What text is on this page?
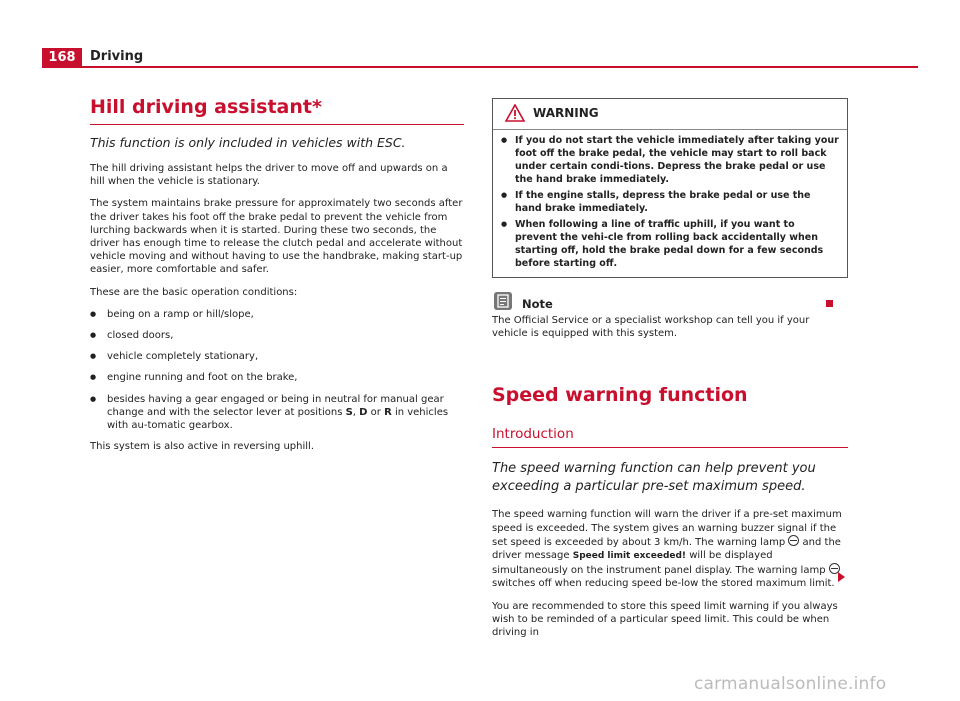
168	Driving
Hill driving assistant*
This function is only included in vehicles with ESC.

The hill driving assistant helps the driver to move off and upwards on a hill when the vehicle is stationary.

The system maintains brake pressure for approximately two seconds after the driver takes his foot off the brake pedal to prevent the vehicle from lurching backwards when it is started. During these two seconds, the driver has enough time to release the clutch pedal and accelerate without vehicle moving and without having to use the handbrake, making start-up easier, more comfortable and safer.

These are the basic operation conditions:

● being on a ramp or hill/slope,
● closed doors,
● vehicle completely stationary,
● engine running and foot on the brake,
● besides having a gear engaged or being in neutral for manual gear change and with the selector lever at positions S, D or R in vehicles with au-tomatic gearbox.

This system is also active in reversing uphill.

WARNING
● If you do not start the vehicle immediately after taking your foot off the brake pedal, the vehicle may start to roll back under certain condi-tions. Depress the brake pedal or use the hand brake immediately.
● If the engine stalls, depress the brake pedal or use the hand brake immediately.
● When following a line of traffic uphill, if you want to prevent the vehi-cle from rolling back accidentally when starting off, hold the brake pedal down for a few seconds before starting off.
Note

The Official Service or a specialist workshop can tell you if your vehicle is equipped with this system.

Speed warning function
Introduction
The speed warning function can help prevent you exceeding a particular pre-set maximum speed.

The speed warning function will warn the driver if a pre-set maximum speed is exceeded. The system gives an warning buzzer signal if the set speed is exceeded by about 3 km/h. The warning lamp  and the driver message Speed limit exceeded! will be displayed simultaneously on the instrument panel display. The warning lamp  switches off when reducing speed be-low the stored maximum limit.

You are recommended to store this speed limit warning if you always wish to be reminded of a particular speed limit. This could be when driving in

carmanualsonline.info
